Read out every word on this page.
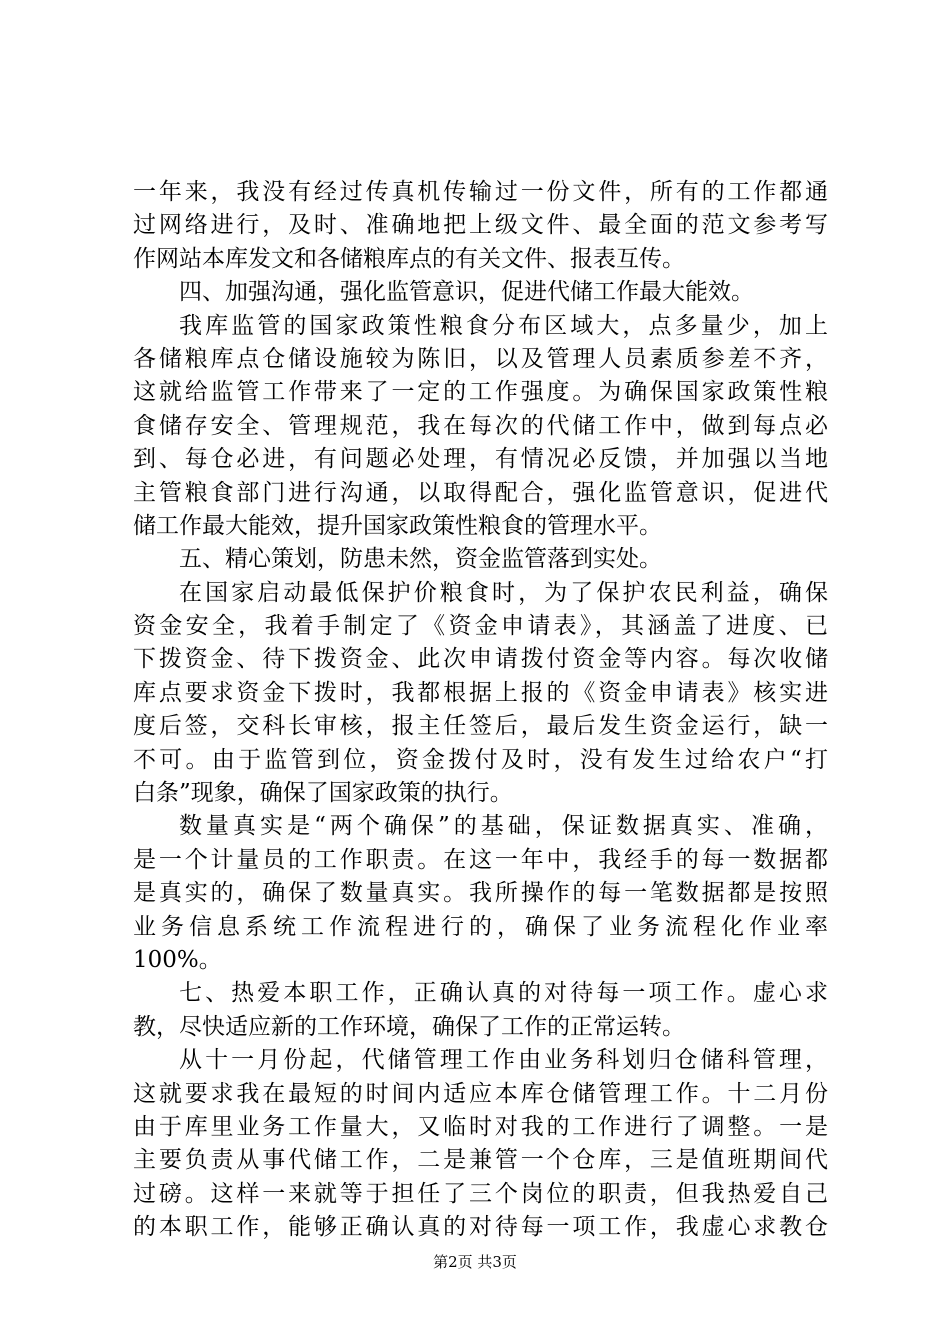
一年来，我没有经过传真机传输过一份文件，所有的工作都通
过网络进行，及时、准确地把上级文件、最全面的范文参考写
作网站本库发文和各储粮库点的有关文件、报表互传。
四、加强沟通，强化监管意识，促进代储工作最大能效。
我库监管的国家政策性粮食分布区域大，点多量少，加上
各储粮库点仓储设施较为陈旧，以及管理人员素质参差不齐，
这就给监管工作带来了一定的工作强度。为确保国家政策性粮
食储存安全、管理规范，我在每次的代储工作中，做到每点必
到、每仓必进，有问题必处理，有情况必反馈，并加强以当地
主管粮食部门进行沟通，以取得配合，强化监管意识，促进代
储工作最大能效，提升国家政策性粮食的管理水平。
五、精心策划，防患未然，资金监管落到实处。
在国家启动最低保护价粮食时，为了保护农民利益，确保
资金安全，我着手制定了《资金申请表》，其涵盖了进度、已
下拨资金、待下拨资金、此次申请拨付资金等内容。每次收储
库点要求资金下拨时，我都根据上报的《资金申请表》核实进
度后签，交科长审核，报主任签后，最后发生资金运行，缺一
不可。由于监管到位，资金拨付及时，没有发生过给农户“打
白条”现象，确保了国家政策的执行。
数量真实是“两个确保”的基础，保证数据真实、准确，
是一个计量员的工作职责。在这一年中，我经手的每一数据都
是真实的，确保了数量真实。我所操作的每一笔数据都是按照
业务信息系统工作流程进行的，确保了业务流程化作业率
100%。
七、热爱本职工作，正确认真的对待每一项工作。虚心求
教，尽快适应新的工作环境，确保了工作的正常运转。
从十一月份起，代储管理工作由业务科划归仓储科管理，
这就要求我在最短的时间内适应本库仓储管理工作。十二月份
由于库里业务工作量大，又临时对我的工作进行了调整。一是
主要负责从事代储工作，二是兼管一个仓库，三是值班期间代
过磅。这样一来就等于担任了三个岗位的职责，但我热爱自己
的本职工作，能够正确认真的对待每一项工作，我虚心求教仓
第2页 共3页
